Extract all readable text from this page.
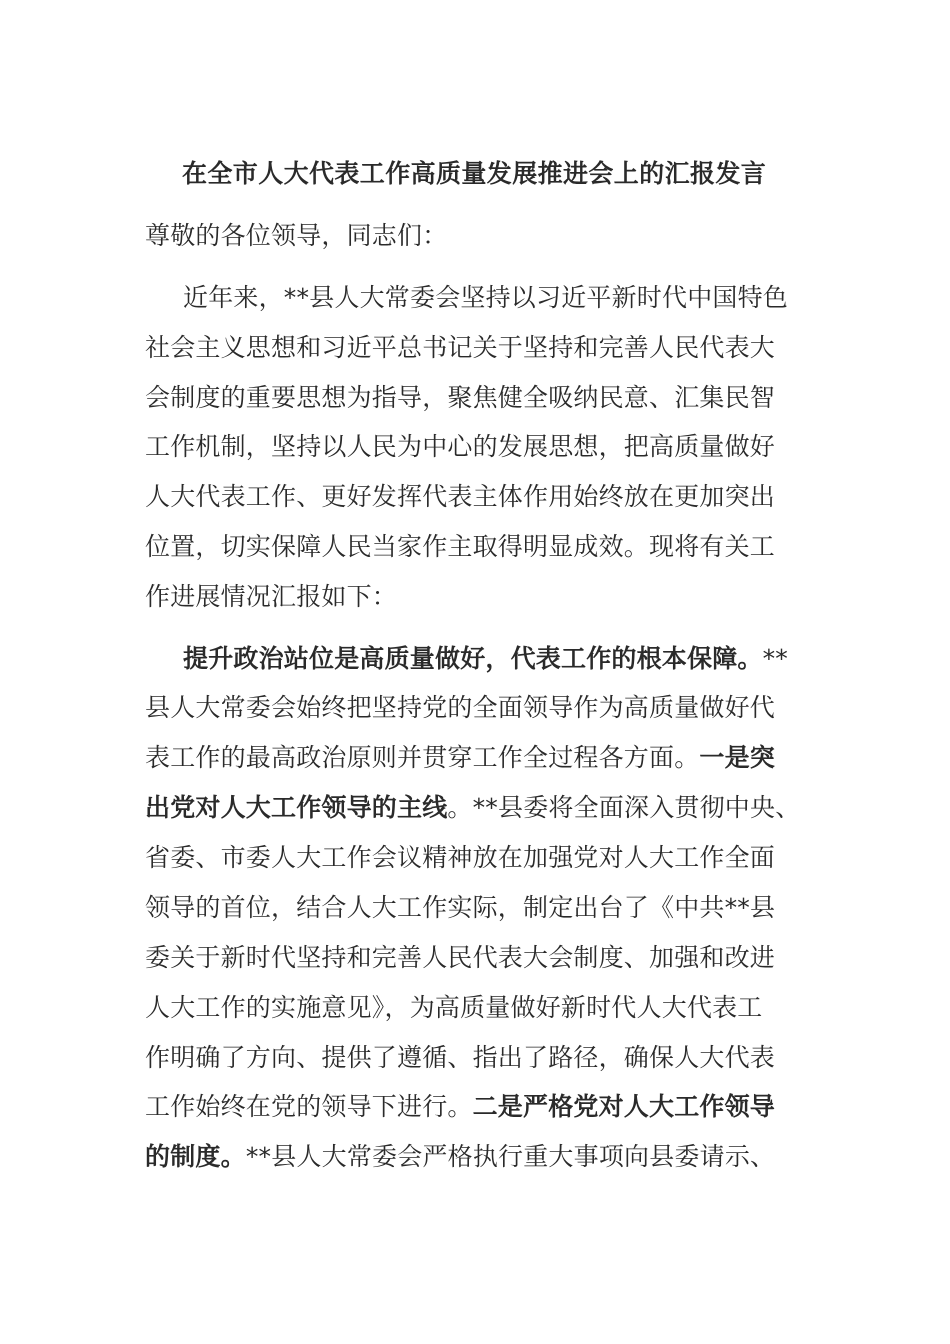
在全市人大代表工作高质量发展推进会上的汇报发言
尊敬的各位领导，同志们：
近年来，**县人大常委会坚持以习近平新时代中国特色
社会主义思想和习近平总书记关于坚持和完善人民代表大
会制度的重要思想为指导，聚焦健全吸纳民意、汇集民智
工作机制，坚持以人民为中心的发展思想，把高质量做好
人大代表工作、更好发挥代表主体作用始终放在更加突出
位置，切实保障人民当家作主取得明显成效。现将有关工
作进展情况汇报如下：
提升政治站位是高质量做好，代表工作的根本保障。**
县人大常委会始终把坚持党的全面领导作为高质量做好代
表工作的最高政治原则并贯穿工作全过程各方面。一是突
出党对人大工作领导的主线。**县委将全面深入贯彻中央、
省委、市委人大工作会议精神放在加强党对人大工作全面
领导的首位，结合人大工作实际，制定出台了《中共**县
委关于新时代坚持和完善人民代表大会制度、加强和改进
人大工作的实施意见》，为高质量做好新时代人大代表工
作明确了方向、提供了遵循、指出了路径，确保人大代表
工作始终在党的领导下进行。二是严格党对人大工作领导
的制度。**县人大常委会严格执行重大事项向县委请示、
